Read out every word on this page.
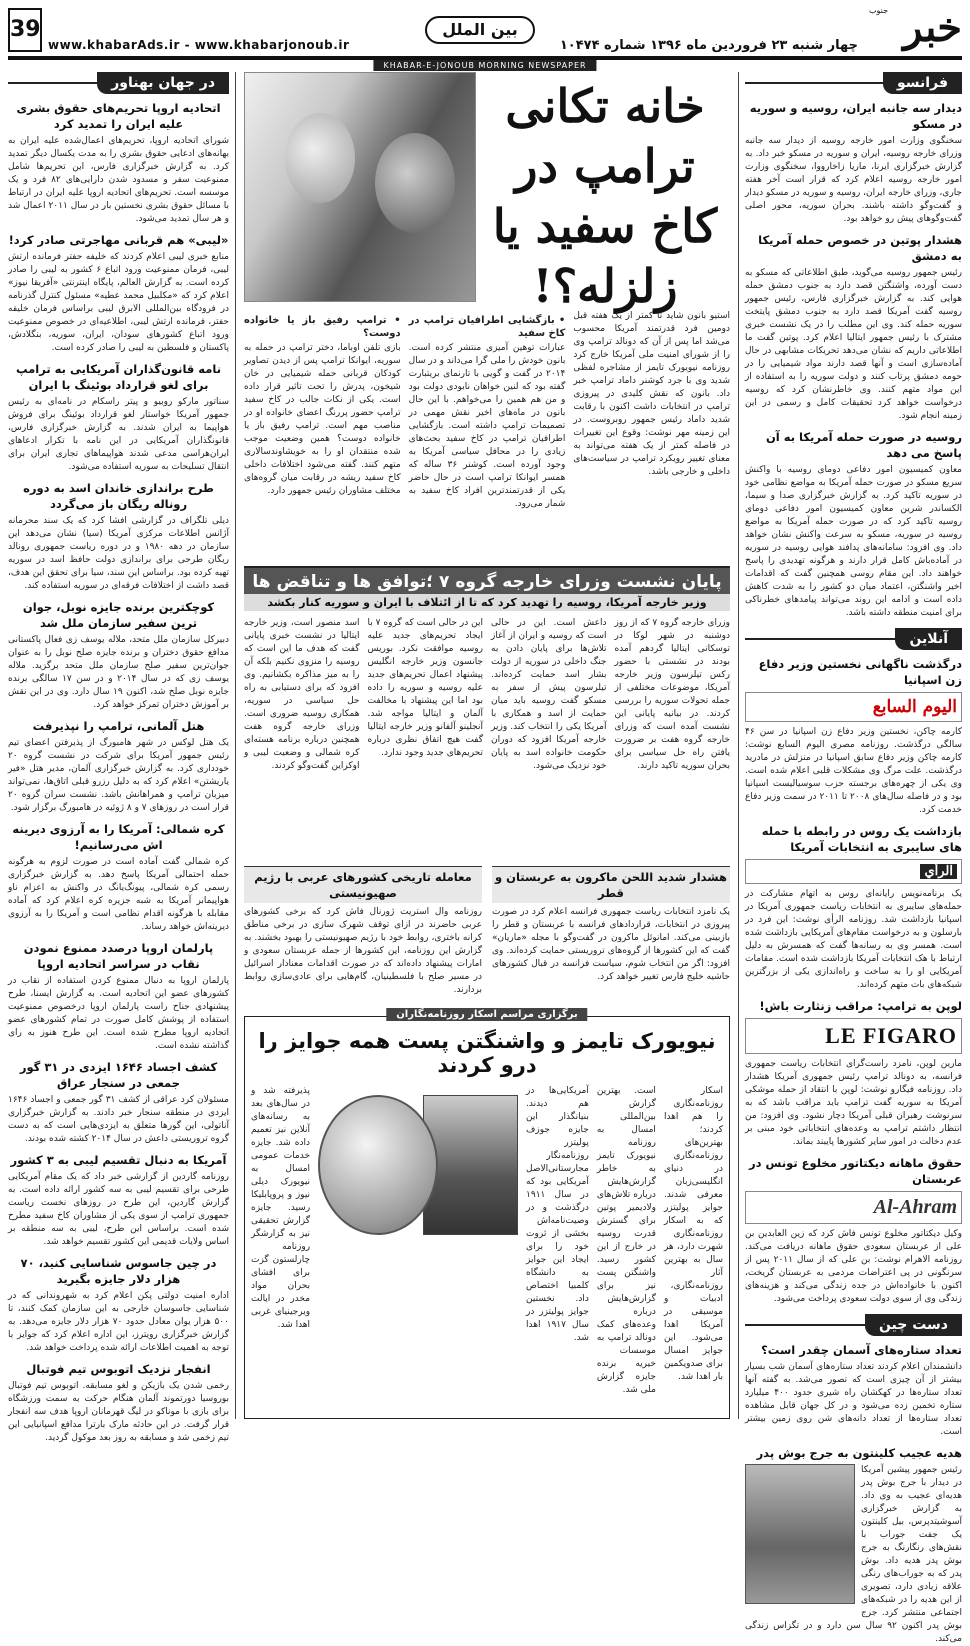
خبر
جنوب
چهار شنبه ۲۳ فروردین ماه ۱۳۹۶ شماره ۱۰۴۷۴
بین الملل
www.khabarAds.ir - www.khabarjonoub.ir
39
KHABAR-E-JONOUB MORNING NEWSPAPER
فرانسو
دیدار سه جانبه ایران، روسیه و سوریه در مسکو
سخنگوی وزارت امور خارجه روسیه از دیدار سه جانبه وزرای خارجه روسیه، ایران و سوریه در مسکو خبر داد. به گزارش خبرگزاری ایرنا، ماریا زاخارووا، سخنگوی وزارت امور خارجه روسیه اعلام کرد که قرار است آخر هفته جاری، وزرای خارجه ایران، روسیه و سوریه در مسکو دیدار و گفت‌وگو داشته باشند. بحران سوریه، محور اصلی گفت‌وگوهای پیش رو خواهد بود.
هشدار پوتین در خصوص حمله آمریکا به دمشق
رئیس جمهور روسیه می‌گوید، طبق اطلاعاتی که مسکو به دست آورده، واشنگتن قصد دارد به جنوب دمشق حمله هوایی کند. به گزارش خبرگزاری فارس، رئیس جمهور روسیه گفت آمریکا قصد دارد به جنوب دمشق پایتخت سوریه حمله کند. وی این مطلب را در یک نشست خبری مشترک با رئیس جمهور ایتالیا اعلام کرد. پوتین گفت ما اطلاعاتی داریم که نشان می‌دهد تحریکات مشابهی در حال آماده‌سازی است و آنها قصد دارند مواد شیمیایی را در حومه دمشق پرتاب کنند و دولت سوریه را به استفاده از این مواد متهم کنند. وی خاطرنشان کرد که روسیه درخواست خواهد کرد تحقیقات کامل و رسمی در این زمینه انجام شود.
روسیه در صورت حمله آمریکا به آن پاسخ می دهد
معاون کمیسیون امور دفاعی دومای روسیه با واکنش سریع مسکو در صورت حمله آمریکا به مواضع نظامی خود در سوریه تاکید کرد. به گزارش خبرگزاری صدا و سیما، الکساندر شرین معاون کمیسیون امور دفاعی دومای روسیه تاکید کرد که در صورت حمله آمریکا به مواضع روسیه در سوریه، مسکو به سرعت واکنش نشان خواهد داد. وی افزود: سامانه‌های پدافند هوایی روسیه در سوریه در آماده‌باش کامل قرار دارند و هرگونه تهدیدی را پاسخ خواهند داد. این مقام روسی همچنین گفت که اقدامات اخیر واشنگتن، اعتماد میان دو کشور را به شدت کاهش داده است و ادامه این روند می‌تواند پیامدهای خطرناکی برای امنیت منطقه داشته باشد.
آنلاین
درگذشت ناگهانی نخستین وزیر دفاع زن اسپانیا
اليوم السابع
کارمه چاکن، نخستین وزیر دفاع زن اسپانیا در سن ۴۶ سالگی درگذشت. روزنامه مصری الیوم السابع نوشت: کارمه چاکن وزیر دفاع سابق اسپانیا در منزلش در مادرید درگذشت. علت مرگ وی مشکلات قلبی اعلام شده است. وی یکی از چهره‌های برجسته حزب سوسیالیست اسپانیا بود و در فاصله سال‌های ۲۰۰۸ تا ۲۰۱۱ در سمت وزیر دفاع خدمت کرد.
بازداشت یک روس در رابطه با حمله های سایبری به انتخابات آمریکا
الرأي
یک برنامه‌نویس رایانه‌ای روس به اتهام مشارکت در حمله‌های سایبری به انتخابات ریاست جمهوری آمریکا در اسپانیا بازداشت شد. روزنامه الرأی نوشت: این فرد در بارسلون و به درخواست مقام‌های آمریکایی بازداشت شده است. همسر وی به رسانه‌ها گفت که همسرش به دلیل ارتباط با هک انتخابات آمریکا بازداشت شده است. مقامات آمریکایی او را به ساخت و راه‌اندازی یکی از بزرگترین شبکه‌های بات متهم کرده‌اند.
لوپن به ترامپ: مراقب زنثارت باش!
LE FIGARO
مارین لوپن، نامزد راست‌گرای انتخابات ریاست جمهوری فرانسه، به دونالد ترامپ رئیس جمهوری آمریکا هشدار داد. روزنامه فیگارو نوشت: لوپن با انتقاد از حمله موشکی آمریکا به سوریه گفت ترامپ باید مراقب باشد که به سرنوشت رهبران قبلی آمریکا دچار نشود. وی افزود: من انتظار داشتم ترامپ به وعده‌های انتخاباتی خود مبنی بر عدم دخالت در امور سایر کشورها پایبند بماند.
حقوق ماهانه دیکتاتور مخلوع تونس در عربستان
Al-Ahram
وکیل دیکتاتور مخلوع تونس فاش کرد که زین العابدین بن علی از عربستان سعودی حقوق ماهانه دریافت می‌کند. روزنامه الاهرام نوشت: بن علی که از سال ۲۰۱۱ پس از سرنگونی در پی اعتراضات مردمی به عربستان گریخت، اکنون با خانواده‌اش در جده زندگی می‌کند و هزینه‌های زندگی وی از سوی دولت سعودی پرداخت می‌شود.
دست چین
تعداد ستاره‌های آسمان چقدر است؟
دانشمندان اعلام کردند تعداد ستاره‌های آسمان شب بسیار بیشتر از آن چیزی است که تصور می‌شد. به گفته آنها تعداد ستاره‌ها در کهکشان راه شیری حدود ۴۰۰ میلیارد ستاره تخمین زده می‌شود و در کل جهان قابل مشاهده تعداد ستاره‌ها از تعداد دانه‌های شن روی زمین بیشتر است.
هدیه عجیب کلینتون به جرج بوش پدر
رئیس جمهور پیشین آمریکا در دیدار با جرج بوش پدر هدیه‌ای عجیب به وی داد. به گزارش خبرگزاری آسوشیتدپرس، بیل کلینتون یک جفت جوراب با نقش‌های رنگارنگ به جرج بوش پدر هدیه داد. بوش پدر که به جوراب‌های رنگی علاقه زیادی دارد، تصویری از این هدیه را در شبکه‌های اجتماعی منتشر کرد. جرج بوش پدر اکنون ۹۲ سال سن دارد و در تگزاس زندگی می‌کند.
در جهان بهناور
اتحادیه اروپا تحریم‌های حقوق بشری علیه ایران را تمدید کرد
شورای اتحادیه اروپا، تحریم‌های اعمال‌شده علیه ایران به بهانه‌های ادعایی حقوق بشری را به مدت یکسال دیگر تمدید کرد. به گزارش خبرگزاری فارس، این تحریم‌ها شامل ممنوعیت سفر و مسدود شدن دارایی‌های ۸۲ فرد و یک موسسه است. تحریم‌های اتحادیه اروپا علیه ایران در ارتباط با مسائل حقوق بشری نخستین بار در سال ۲۰۱۱ اعمال شد و هر سال تمدید می‌شود.
«لیبی» هم قربانی مهاجرتی صادر کرد!
منابع خبری لیبی اعلام کردند که خلیفه حفتر فرمانده ارتش لیبی، فرمان ممنوعیت ورود اتباع ۶ کشور به لیبی را صادر کرده است. به گزارش العالم، پایگاه اینترنتی «آفریقا نیوز» اعلام کرد که «مکلبیل محمد عطیه» مسئول کنترل گذرنامه در فرودگاه بین‌المللی الابرق لیبی براساس فرمان خلیفه حفتر، فرمانده ارتش لیبی، اطلاعیه‌ای در خصوص ممنوعیت ورود اتباع کشورهای سودان، ایران، سوریه، بنگلادش، پاکستان و فلسطین به لیبی را صادر کرده است.
نامه قانون‌گذاران آمریکایی به ترامپ برای لغو قرارداد بوئینگ با ایران
سناتور مارکو روبیو و پیتر راسکام در نامه‌ای به رئیس جمهور آمریکا خواستار لغو قرارداد بوئینگ برای فروش هواپیما به ایران شدند. به گزارش خبرگزاری فارس، قانونگذاران آمریکایی در این نامه با تکرار ادعاهای ایران‌هراسی مدعی شدند هواپیماهای تجاری ایران برای انتقال تسلیحات به سوریه استفاده می‌شود.
طرح براندازی خاندان اسد به دوره روناله ریگان باز می‌گردد
دیلی تلگراف در گزارشی افشا کرد که یک سند محرمانه آژانس اطلاعات مرکزی آمریکا (سیا) نشان می‌دهد این سازمان در دهه ۱۹۸۰ و در دوره ریاست جمهوری رونالد ریگان طرحی برای براندازی دولت حافظ اسد در سوریه تهیه کرده بود. براساس این سند، سیا برای تحقق این هدف، قصد داشت از اختلافات فرقه‌ای در سوریه استفاده کند.
کوچکترین برنده جایزه نوبل، جوان ترین سفیر سازمان ملل شد
دبیرکل سازمان ملل متحد، ملاله یوسف زی فعال پاکستانی مدافع حقوق دختران و برنده جایزه صلح نوبل را به عنوان جوان‌ترین سفیر صلح سازمان ملل متحد برگزید. ملاله یوسف زی که در سال ۲۰۱۴ و در سن ۱۷ سالگی برنده جایزه نوبل صلح شد، اکنون ۱۹ سال دارد. وی در این نقش بر آموزش دختران تمرکز خواهد کرد.
هتل آلمانی، ترامپ را نپذیرفت
یک هتل لوکس در شهر هامبورگ از پذیرفتن اعضای تیم رئیس جمهور آمریکا برای شرکت در نشست گروه ۲۰ خودداری کرد. به گزارش خبرگزاری آلمان، مدیر هتل «فیر یاریشتن» اعلام کرد که به دلیل رزرو قبلی اتاق‌ها، نمی‌تواند میزبان ترامپ و همراهانش باشد. نشست سران گروه ۲۰ قرار است در روزهای ۷ و ۸ ژوئیه در هامبورگ برگزار شود.
کره شمالی: آمریکا را به آرزوی دیرینه اش می‌رسانیم!
کره شمالی گفت آماده است در صورت لزوم به هرگونه حمله احتمالی آمریکا پاسخ دهد. به گزارش خبرگزاری رسمی کره شمالی، پیونگ‌یانگ در واکنش به اعزام ناو هواپیمابر آمریکا به شبه جزیره کره اعلام کرد که آماده مقابله با هرگونه اقدام نظامی است و آمریکا را به آرزوی دیرینه‌اش خواهد رساند.
پارلمان اروپا درصدد ممنوع نمودن نقاب در سراسر اتحادیه اروپا
پارلمان اروپا به دنبال ممنوع کردن استفاده از نقاب در کشورهای عضو این اتحادیه است. به گزارش ایسنا، طرح پیشنهادی جناح راست پارلمان اروپا درخصوص ممنوعیت استفاده از پوشش کامل صورت در تمام کشورهای عضو اتحادیه اروپا مطرح شده است. این طرح هنوز به رای گذاشته نشده است.
کشف اجساد ۱۶۴۶ ایزدی در ۳۱ گور جمعی در سنجار عراق
مسئولان کرد عراقی از کشف ۳۱ گور جمعی و اجساد ۱۶۴۶ ایزدی در منطقه سنجار خبر دادند. به گزارش خبرگزاری آناتولی، این گورها متعلق به ایزدی‌هایی است که به دست گروه تروریستی داعش در سال ۲۰۱۴ کشته شده بودند.
آمریکا به دنبال تقسیم لیبی به ۳ کشور
روزنامه گاردین از گزارشی خبر داد که یک مقام آمریکایی طرحی برای تقسیم لیبی به سه کشور ارائه داده است. به گزارش گاردین، این طرح در روزهای نخست ریاست جمهوری ترامپ از سوی یکی از مشاوران کاخ سفید مطرح شده است. براساس این طرح، لیبی به سه منطقه بر اساس ولایات قدیمی این کشور تقسیم خواهد شد.
در چین جاسوس شناسایی کنید، ۷۰ هزار دلار جایزه بگیرید
اداره امنیت دولتی پکن اعلام کرد به شهروندانی که در شناسایی جاسوسان خارجی به این سازمان کمک کنند، تا ۵۰۰ هزار یوان معادل حدود ۷۰ هزار دلار جایزه می‌دهد. به گزارش خبرگزاری رویترز، این اداره اعلام کرد که جوایز با توجه به اهمیت اطلاعات ارائه شده پرداخت خواهد شد.
انفجار نزدیک اتوبوس تیم فوتبال
رخمی شدن یک بازیکن و لغو مسابقه. اتوبوس تیم فوتبال بوروسیا دورتموند آلمان هنگام حرکت به سمت ورزشگاه برای بازی با موناکو در لیگ قهرمانان اروپا هدف سه انفجار قرار گرفت. در این حادثه مارک بارترا مدافع اسپانیایی این تیم زخمی شد و مسابقه به روز بعد موکول گردید.
خانه تکانی ترامپ در کاخ سفید یا زلزله؟!
استیو بانون شاید تا کمتر از یک هفته قبل دومین فرد قدرتمند آمریکا محسوب می‌شد اما پس از آن که دونالد ترامپ وی را از شورای امنیت ملی آمریکا خارج کرد روزنامه نیویورک تایمز از مشاجره لفظی شدید وی با جرد کوشنر داماد ترامپ خبر داد. بانون که نقش کلیدی در پیروزی ترامپ در انتخابات داشت اکنون با رقابت شدید داماد رئیس جمهور روبروست. در این زمینه مهر نوشت: وقوع این تغییرات در فاصله کمتر از یک هفته می‌تواند به معنای تغییر رویکرد ترامپ در سیاست‌های داخلی و خارجی باشد.
• بازگشایی اطرافیان ترامپ در کاخ سفید
عبارات توهین آمیزی منتشر کرده است. بانون خودش را ملی گرا می‌داند و در سال ۲۰۱۴ در گفت و گویی با تارنمای بریتبارت گفته بود که لنین خواهان نابودی دولت بود و من هم همین را می‌خواهم. با این حال بانون در ماه‌های اخیر نقش مهمی در تصمیمات ترامپ داشته است. بازگشایی اطرافیان ترامپ در کاخ سفید بحث‌های زیادی را در محافل سیاسی آمریکا به وجود آورده است. کوشنر ۳۶ ساله که همسر ایوانکا ترامپ است در حال حاضر یکی از قدرتمندترین افراد کاخ سفید به شمار می‌رود.
• ترامپ رفیق باز یا خانواده دوست؟
بازی تلفن اوباما، دختر ترامپ در حمله به سوریه، ایوانکا ترامپ پس از دیدن تصاویر کودکان قربانی حمله شیمیایی در خان شیخون، پدرش را تحت تاثیر قرار داده است. یکی از نکات جالب در کاخ سفید ترامپ حضور پررنگ اعضای خانواده او در مناصب مهم است. ترامپ رفیق باز یا خانواده دوست؟ همین وضعیت موجب شده منتقدان او را به خویشاوندسالاری متهم کنند. گفته می‌شود اختلافات داخلی کاخ سفید ریشه در رقابت میان گروه‌های مختلف مشاوران رئیس جمهور دارد.
پایان نشست وزرای خارجه گروه ۷ ؛توافق ها و تناقض ها
وزیر خارجه آمریکا، روسیه را تهدید کرد که تا از ائتلاف با ایران و سوریه کنار بکشد
وزرای خارجه گروه ۷ که از روز دوشنبه در شهر لوکا در توسکانی ایتالیا گردهم آمده بودند در نشستی با حضور رکس تیلرسون وزیر خارجه آمریکا، موضوعات مختلفی از جمله تحولات سوریه را بررسی کردند. در بیانیه پایانی این نشست آمده است که وزرای خارجه گروه هفت بر ضرورت یافتن راه حل سیاسی برای بحران سوریه تاکید دارند.
داعش است. این در حالی است که روسیه و ایران از آغاز تلاش‌ها برای پایان دادن به جنگ داخلی در سوریه از دولت بشار اسد حمایت کرده‌اند. تیلرسون پیش از سفر به مسکو گفت روسیه باید میان حمایت از اسد و همکاری با آمریکا یکی را انتخاب کند. وزیر خارجه آمریکا افزود که دوران حکومت خانواده اسد به پایان خود نزدیک می‌شود.
این در حالی است که گروه ۷ با ایجاد تحریم‌های جدید علیه روسیه موافقت نکرد. بوریس جانسون وزیر خارجه انگلیس پیشنهاد اعمال تحریم‌های جدید علیه روسیه و سوریه را داده بود اما این پیشنهاد با مخالفت آلمان و ایتالیا مواجه شد. آنجلینو آلفانو وزیر خارجه ایتالیا گفت هیچ اتفاق نظری درباره تحریم‌های جدید وجود ندارد.
اسد منصور است، وزیر خارجه ایتالیا در نشست خبری پایانی گفت که هدف ما این است که روسیه را منزوی نکنیم بلکه آن را به میز مذاکره بکشانیم. وی افزود که برای دستیابی به راه حل سیاسی در سوریه، همکاری روسیه ضروری است. وزرای خارجه گروه هفت همچنین درباره برنامه هسته‌ای کره شمالی و وضعیت لیبی و اوکراین گفت‌وگو کردند.
هشدار شدید اللحن ماکرون به عربستان و قطر
یک نامزد انتخابات ریاست جمهوری فرانسه اعلام کرد در صورت پیروزی در انتخابات، قراردادهای فرانسه با عربستان و قطر را بازبینی می‌کند. امانوئل ماکرون در گفت‌وگو با مجله «ماریان» گفت که این کشورها از گروه‌های تروریستی حمایت کرده‌اند. وی افزود: اگر من انتخاب شوم، سیاست فرانسه در قبال کشورهای حاشیه خلیج فارس تغییر خواهد کرد.
معامله تاریخی کشورهای عربی با رژیم صهیونیستی
روزنامه وال استریت ژورنال فاش کرد که برخی کشورهای عربی حاضرند در ازای توقف شهرک سازی در برخی مناطق کرانه باختری، روابط خود با رژیم صهیونیستی را بهبود بخشند. به گزارش این روزنامه، این کشورها از جمله عربستان سعودی و امارات پیشنهاد داده‌اند که در صورت اقدامات معنادار اسرائیل در مسیر صلح با فلسطینیان، گام‌هایی برای عادی‌سازی روابط بردارند.
برگزاری مراسم اسکار روزنامه‌نگاران
نیویورک تایمز و واشنگتن پست همه جوایز را درو کردند
اسکار روزنامه‌نگاری را هم اهدا کردند؛ بهترین‌های روزنامه‌نگاری در دنیای انگلیسی‌زبان معرفی شدند. جوایز پولیتزر که به اسکار روزنامه‌نگاری شهرت دارد، هر سال به بهترین آثار روزنامه‌نگاری، ادبیات و موسیقی در آمریکا اهدا می‌شود. این جوایز امسال برای صدویکمین بار اهدا شد.
است. بهترین گزارش بین‌المللی امسال به روزنامه نیویورک تایمز به خاطر گزارش‌هایش درباره تلاش‌های ولادیمیر پوتین برای گسترش قدرت روسیه در خارج از این کشور رسید. واشنگتن پست نیز برای گزارش‌هایش درباره وعده‌های کمک دونالد ترامپ به موسسات خیریه برنده جایزه گزارش ملی شد.
آمریکایی‌ها در هم دیدند. بنیانگذار این جایزه جوزف پولیتزر روزنامه‌نگار مجارستانی‌الاصل آمریکایی بود که در سال ۱۹۱۱ درگذشت و در وصیت‌نامه‌اش بخشی از ثروت خود را برای ایجاد این جوایز به دانشگاه کلمبیا اختصاص داد. نخستین جوایز پولیتزر در سال ۱۹۱۷ اهدا شد.
پذیرفته شد و در سال‌های بعد به رسانه‌های آنلاین نیز تعمیم داده شد. جایزه خدمات عمومی امسال به نیویورک دیلی نیوز و پروپابلیکا رسید. جایزه گزارش تحقیقی نیز به گزارشگر روزنامه چارلستون گزت برای افشای بحران مواد مخدر در ایالت ویرجینیای غربی اهدا شد.
